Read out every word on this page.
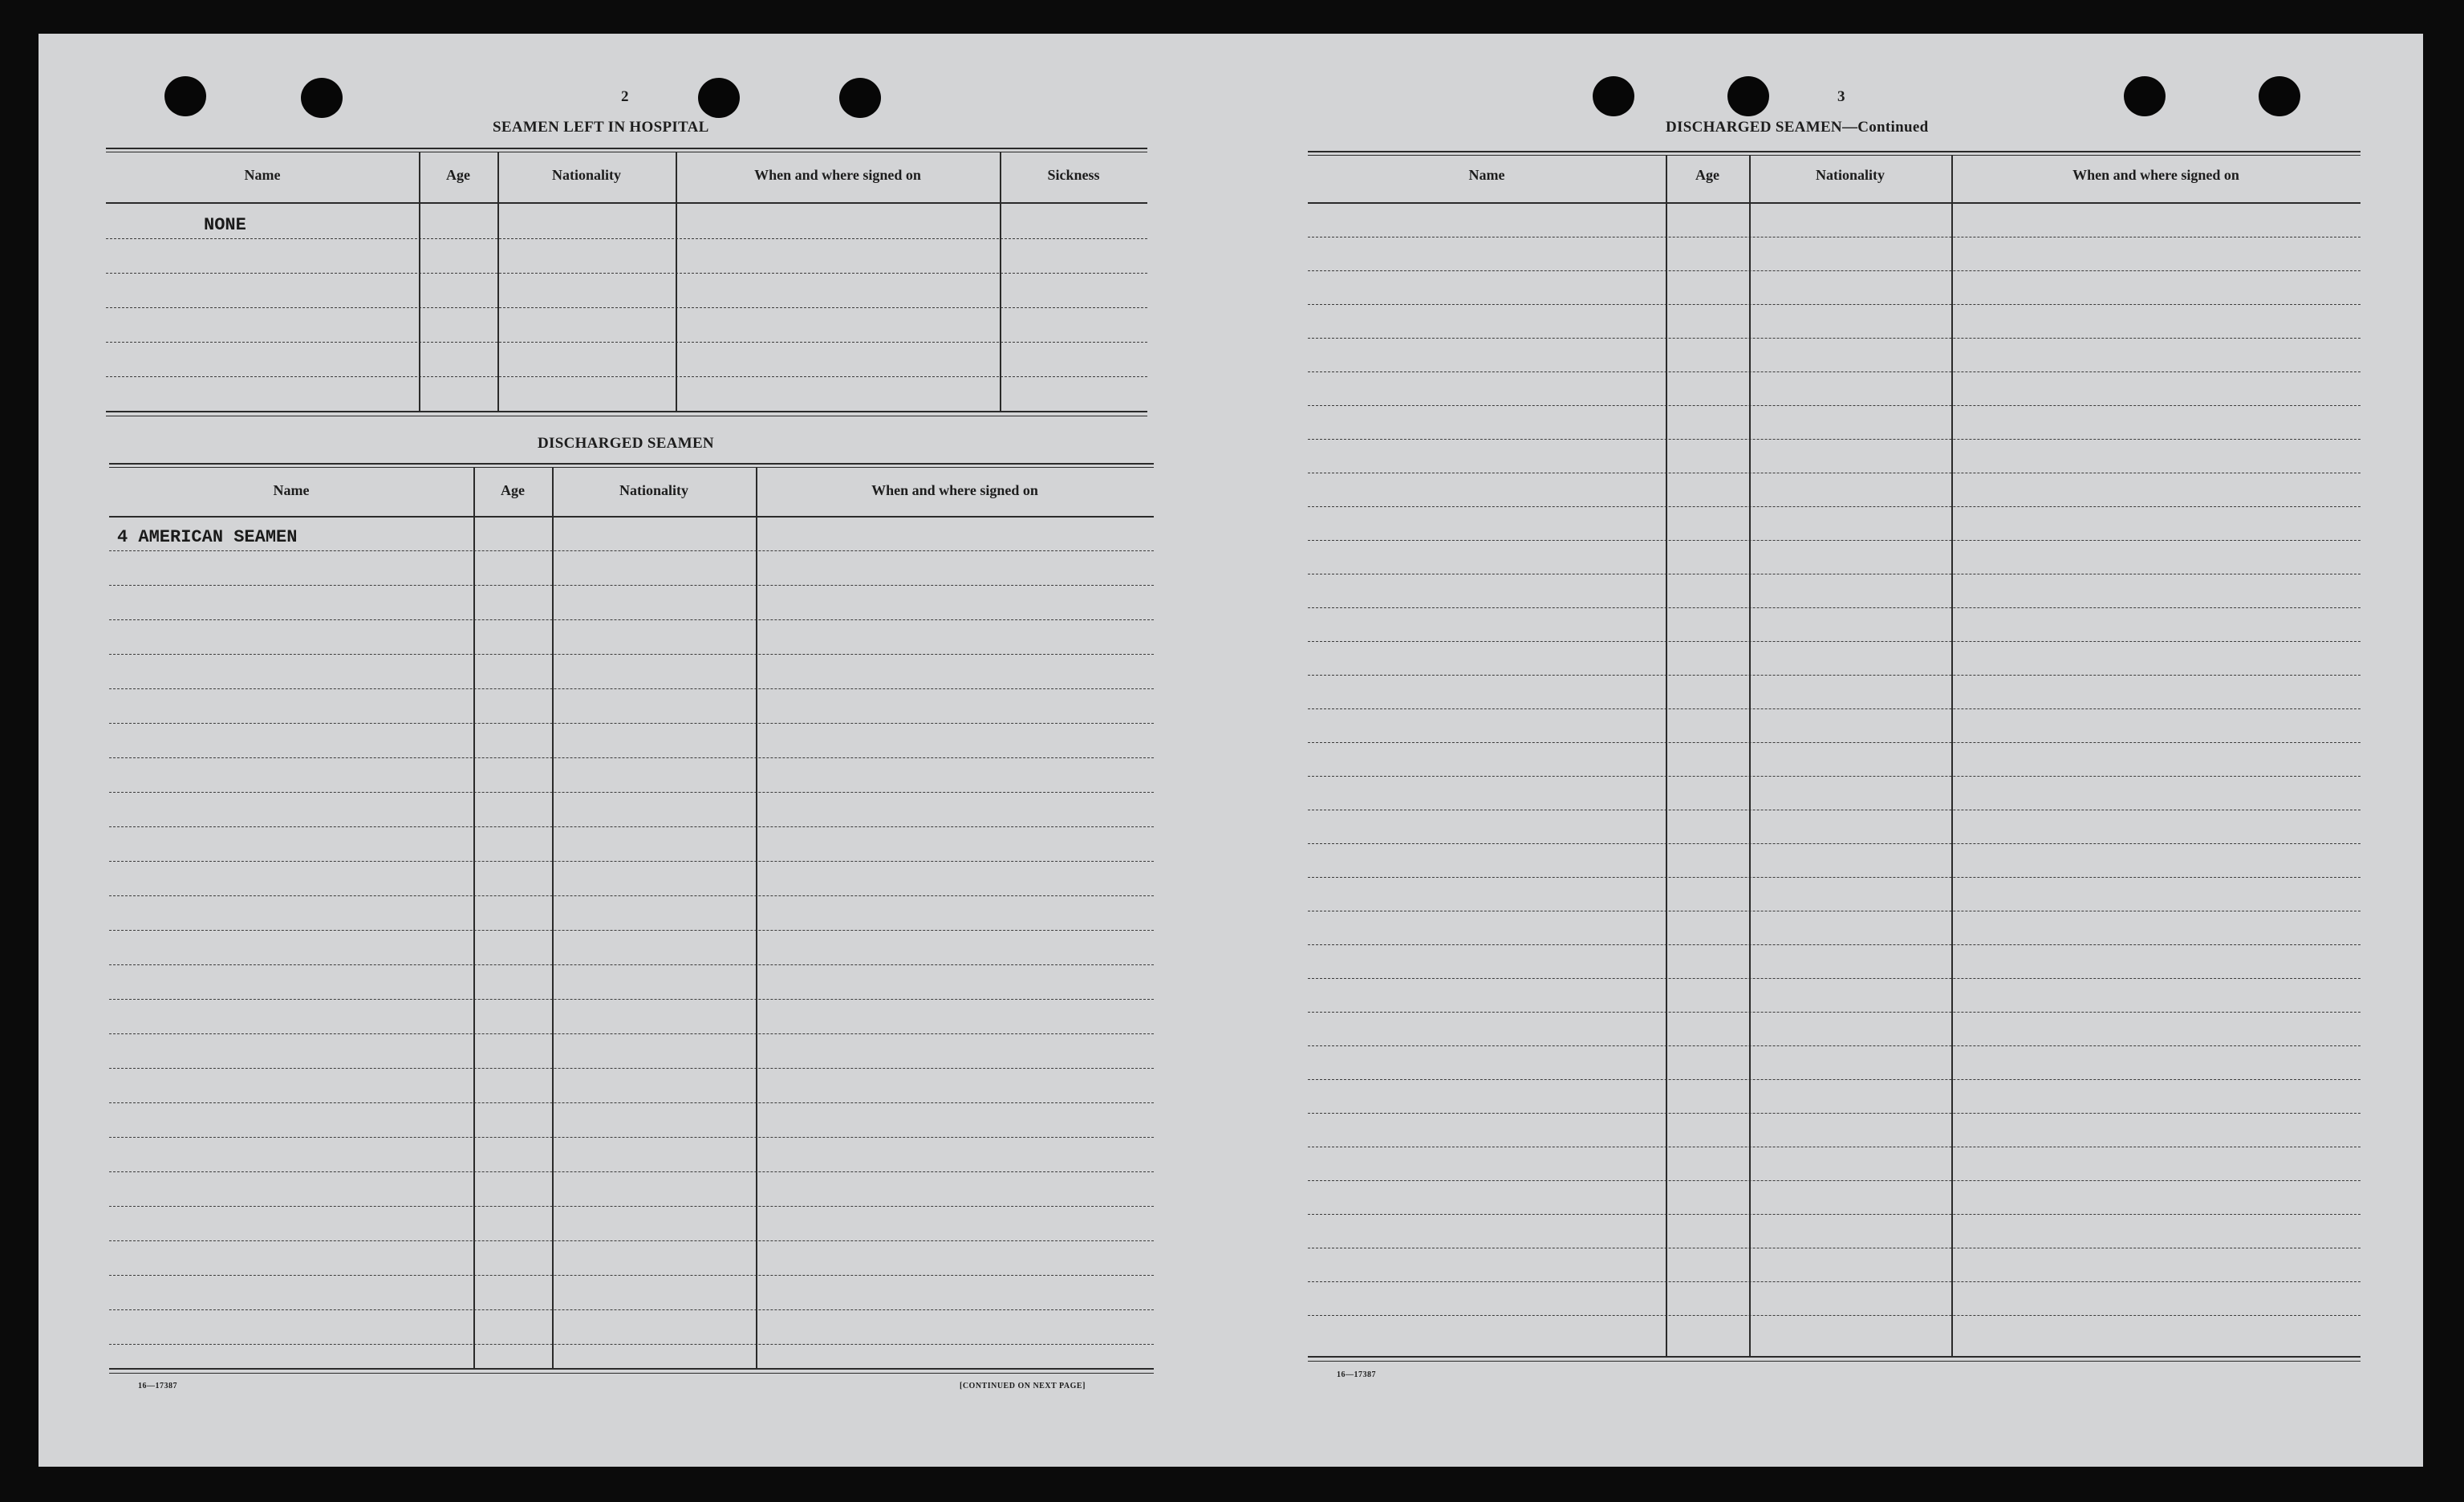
2
SEAMEN LEFT IN HOSPITAL
Name	Age	Nationality	When and where signed on	Sickness
NONE
DISCHARGED SEAMEN
Name	Age	Nationality	When and where signed on
4 AMERICAN SEAMEN
16—17387	[CONTINUED ON NEXT PAGE]
3
DISCHARGED SEAMEN—Continued
Name	Age	Nationality	When and where signed on
16—17387
